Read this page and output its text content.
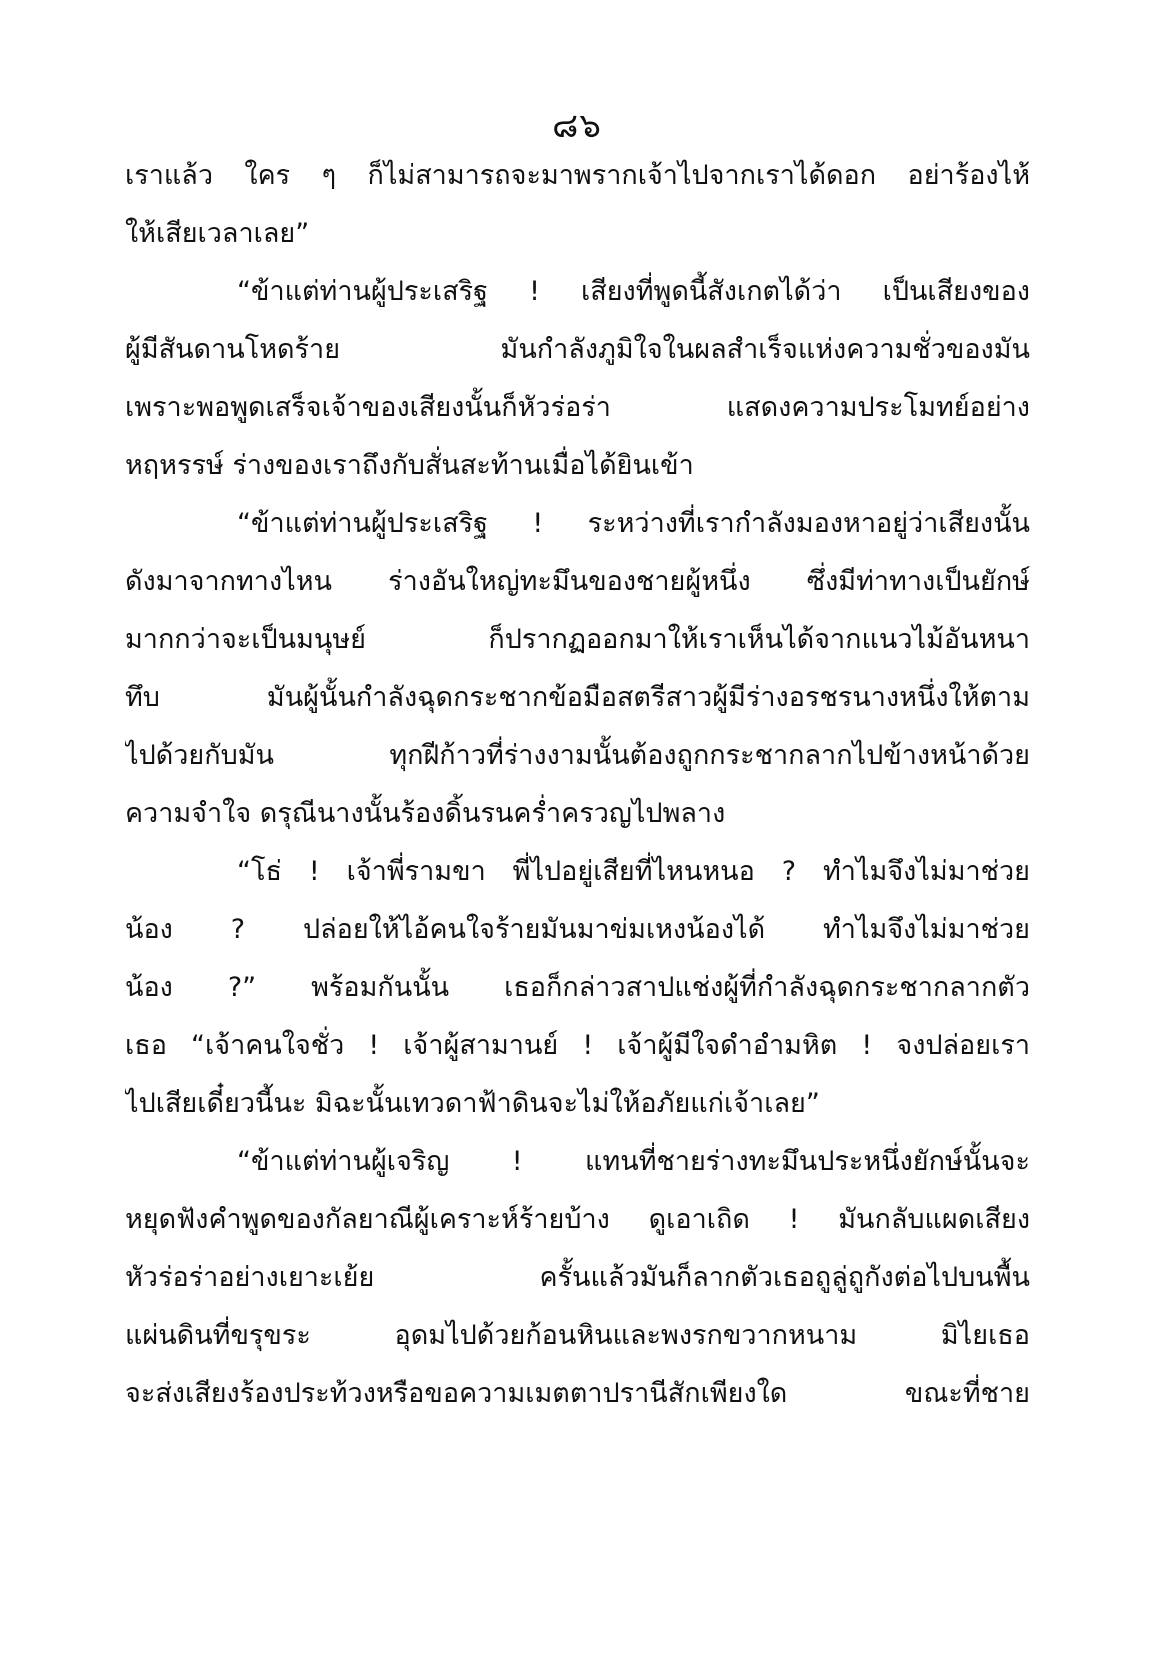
๘๖
เราแล้ว ใคร ๆ ก็ไม่สามารถจะมาพรากเจ้าไปจากเราได้ดอก อย่าร้องไห้
ให้เสียเวลาเลย”
“ข้าแต่ท่านผู้ประเสริฐ ! เสียงที่พูดนี้สังเกตได้ว่า เป็นเสียงของ
ผู้มีสันดานโหดร้าย มันกำลังภูมิใจในผลสำเร็จแห่งความชั่วของมัน
เพราะพอพูดเสร็จเจ้าของเสียงนั้นก็หัวร่อร่า แสดงความประโมทย์อย่าง
หฤหรรษ์ ร่างของเราถึงกับสั่นสะท้านเมื่อได้ยินเข้า
“ข้าแต่ท่านผู้ประเสริฐ ! ระหว่างที่เรากำลังมองหาอยู่ว่าเสียงนั้น
ดังมาจากทางไหน ร่างอันใหญ่ทะมึนของชายผู้หนึ่ง ซึ่งมีท่าทางเป็นยักษ์
มากกว่าจะเป็นมนุษย์ ก็ปรากฏออกมาให้เราเห็นได้จากแนวไม้อันหนา
ทึบ มันผู้นั้นกำลังฉุดกระชากข้อมือสตรีสาวผู้มีร่างอรชรนางหนึ่งให้ตาม
ไปด้วยกับมัน ทุกฝีก้าวที่ร่างงามนั้นต้องถูกกระชากลากไปข้างหน้าด้วย
ความจำใจ ดรุณีนางนั้นร้องดิ้นรนคร่ำครวญไปพลาง
“โธ่ ! เจ้าพี่รามขา พี่ไปอยู่เสียที่ไหนหนอ ? ทำไมจึงไม่มาช่วย
น้อง ? ปล่อยให้ไอ้คนใจร้ายมันมาข่มเหงน้องได้ ทำไมจึงไม่มาช่วย
น้อง ?” พร้อมกันนั้น เธอก็กล่าวสาปแช่งผู้ที่กำลังฉุดกระชากลากตัว
เธอ “เจ้าคนใจชั่ว ! เจ้าผู้สามานย์ ! เจ้าผู้มีใจดำอำมหิต ! จงปล่อยเรา
ไปเสียเดี๋ยวนี้นะ มิฉะนั้นเทวดาฟ้าดินจะไม่ให้อภัยแก่เจ้าเลย”
“ข้าแต่ท่านผู้เจริญ ! แทนที่ชายร่างทะมึนประหนึ่งยักษ์นั้นจะ
หยุดฟังคำพูดของกัลยาณีผู้เคราะห์ร้ายบ้าง ดูเอาเถิด ! มันกลับแผดเสียง
หัวร่อร่าอย่างเยาะเย้ย ครั้นแล้วมันก็ลากตัวเธอถูลู่ถูกังต่อไปบนพื้น
แผ่นดินที่ขรุขระ อุดมไปด้วยก้อนหินและพงรกขวากหนาม มิไยเธอ
จะส่งเสียงร้องประท้วงหรือขอความเมตตาปรานีสักเพียงใด ขณะที่ชาย
